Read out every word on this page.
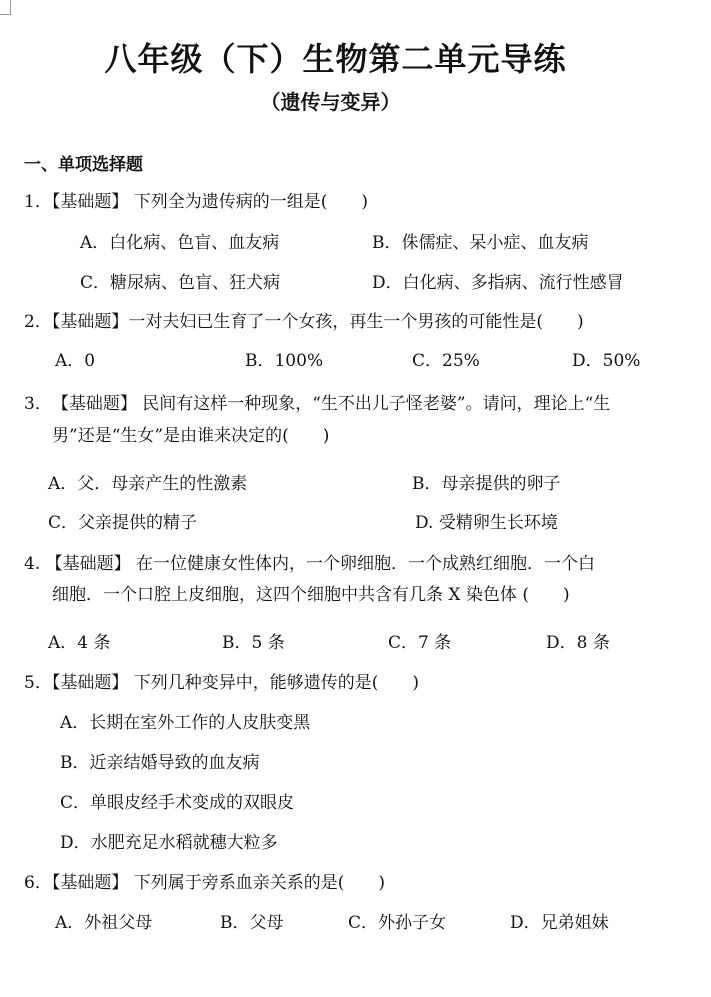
八年级（下）生物第二单元导练
（遗传与变异）
一、单项选择题
1．【基础题】 下列全为遗传病的一组是(　　)
A．白化病、色盲、血友病	B．侏儒症、呆小症、血友病
C．糖尿病、色盲、狂犬病	D．白化病、多指病、流行性感冒
2．【基础题】一对夫妇已生育了一个女孩，再生一个男孩的可能性是(　　)
A．0	B．100%	C．25%	D．50%
3．　【基础题】 民间有这样一种现象，“生不出儿子怪老婆”。请问，理论上“生
男”还是“生女”是由谁来决定的(　　)
A．父．母亲产生的性激素	B．母亲提供的卵子
C．父亲提供的精子	D. 受精卵生长环境
4. 【基础题】 在一位健康女性体内，一个卵细胞．一个成熟红细胞．一个白
细胞．一个口腔上皮细胞，这四个细胞中共含有几条 X 染色体 (　　)
A．4 条	B．5 条	C．7 条	D．8 条
5．【基础题】 下列几种变异中，能够遗传的是(　　)
A．长期在室外工作的人皮肤变黑
B．近亲结婚导致的血友病
C．单眼皮经手术变成的双眼皮
D．水肥充足水稻就穗大粒多
6．【基础题】 下列属于旁系血亲关系的是(　　)
A．外祖父母	B．父母	C．外孙子女	D．兄弟姐妹
